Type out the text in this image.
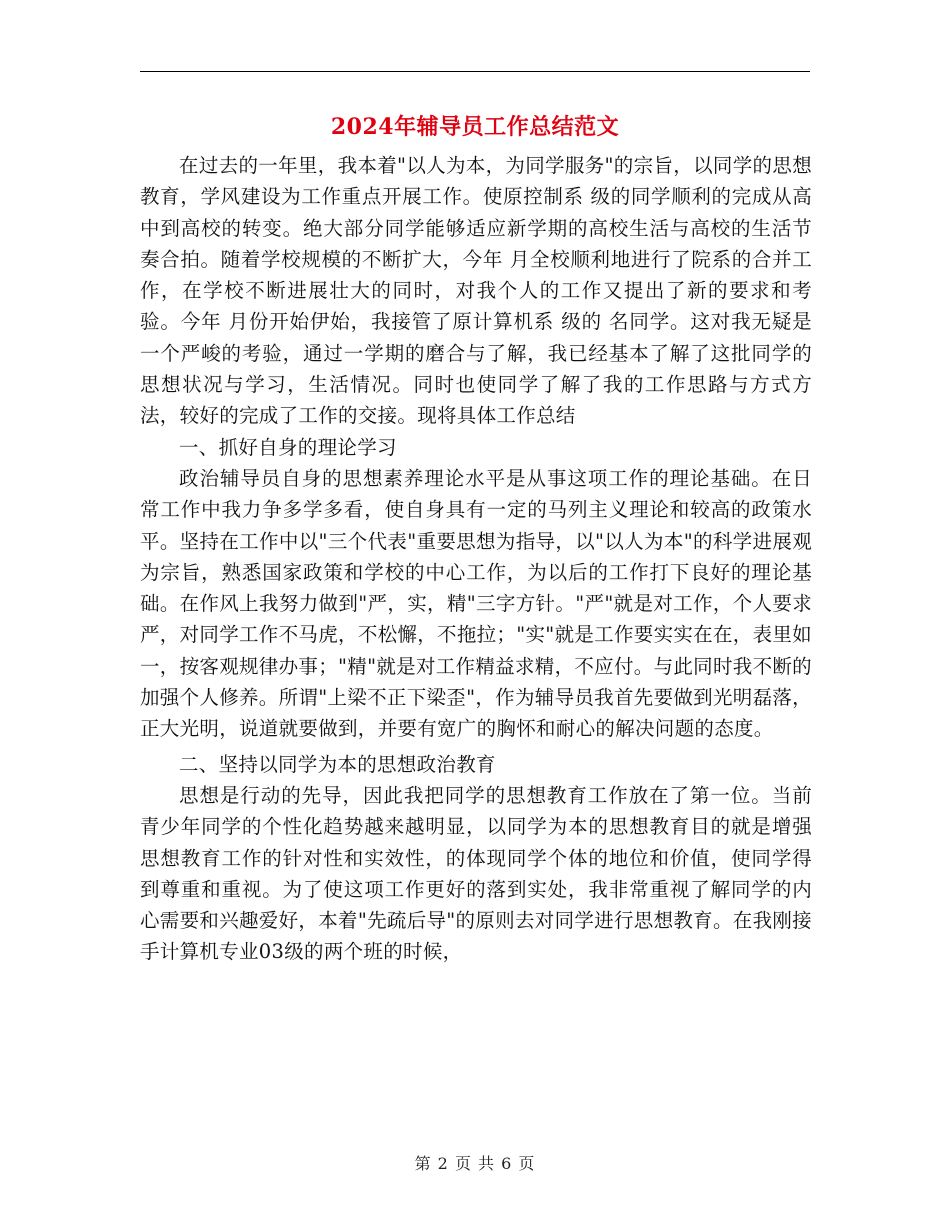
2024年辅导员工作总结范文

在过去的一年里，我本着"以人为本，为同学服务"的宗旨，以同学的思想教育，学风建设为工作重点开展工作。使原控制系 级的同学顺利的完成从高中到高校的转变。绝大部分同学能够适应新学期的高校生活与高校的生活节奏合拍。随着学校规模的不断扩大，今年 月全校顺利地进行了院系的合并工作，在学校不断进展壮大的同时，对我个人的工作又提出了新的要求和考验。今年 月份开始伊始，我接管了原计算机系 级的 名同学。这对我无疑是一个严峻的考验，通过一学期的磨合与了解，我已经基本了解了这批同学的思想状况与学习，生活情况。同时也使同学了解了我的工作思路与方式方法，较好的完成了工作的交接。现将具体工作总结

一、抓好自身的理论学习

政治辅导员自身的思想素养理论水平是从事这项工作的理论基础。在日常工作中我力争多学多看，使自身具有一定的马列主义理论和较高的政策水平。坚持在工作中以"三个代表"重要思想为指导，以"以人为本"的科学进展观为宗旨，熟悉国家政策和学校的中心工作，为以后的工作打下良好的理论基础。在作风上我努力做到"严，实，精"三字方针。"严"就是对工作，个人要求严，对同学工作不马虎，不松懈，不拖拉；"实"就是工作要实实在在，表里如一，按客观规律办事；"精"就是对工作精益求精，不应付。与此同时我不断的加强个人修养。所谓"上梁不正下梁歪"，作为辅导员我首先要做到光明磊落，正大光明，说道就要做到，并要有宽广的胸怀和耐心的解决问题的态度。

二、坚持以同学为本的思想政治教育

思想是行动的先导，因此我把同学的思想教育工作放在了第一位。当前青少年同学的个性化趋势越来越明显，以同学为本的思想教育目的就是增强思想教育工作的针对性和实效性，的体现同学个体的地位和价值，使同学得到尊重和重视。为了使这项工作更好的落到实处，我非常重视了解同学的内心需要和兴趣爱好，本着"先疏后导"的原则去对同学进行思想教育。在我刚接手计算机专业03级的两个班的时候，

第 2 页 共 6 页
